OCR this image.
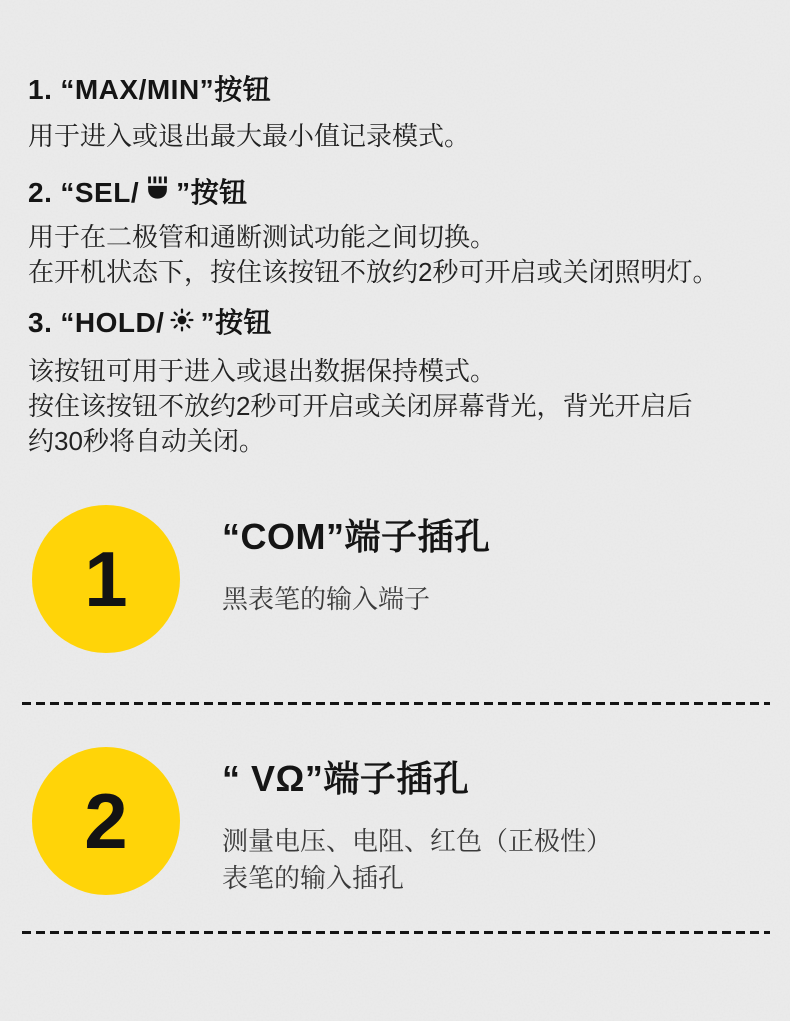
1. “MAX/MIN” 按钮
用于进入或退出最大最小值记录模式。
2. “SEL/ ”按钮
用于在二极管和通断测试功能之间切换。
在开机状态下，按住该按钮不放约2秒可开启或关闭照明灯。
3. “HOLD/ ”按钮
该按钮可用于进入或退出数据保持模式。
按住该按钮不放约2秒可开启或关闭屏幕背光，背光开启后
约30秒将自动关闭。
1	“COM”端子插孔
黑表笔的输入端子
2	“ VΩ”端子插孔
测量电压、电阻、红色（正极性）
表笔的输入插孔
